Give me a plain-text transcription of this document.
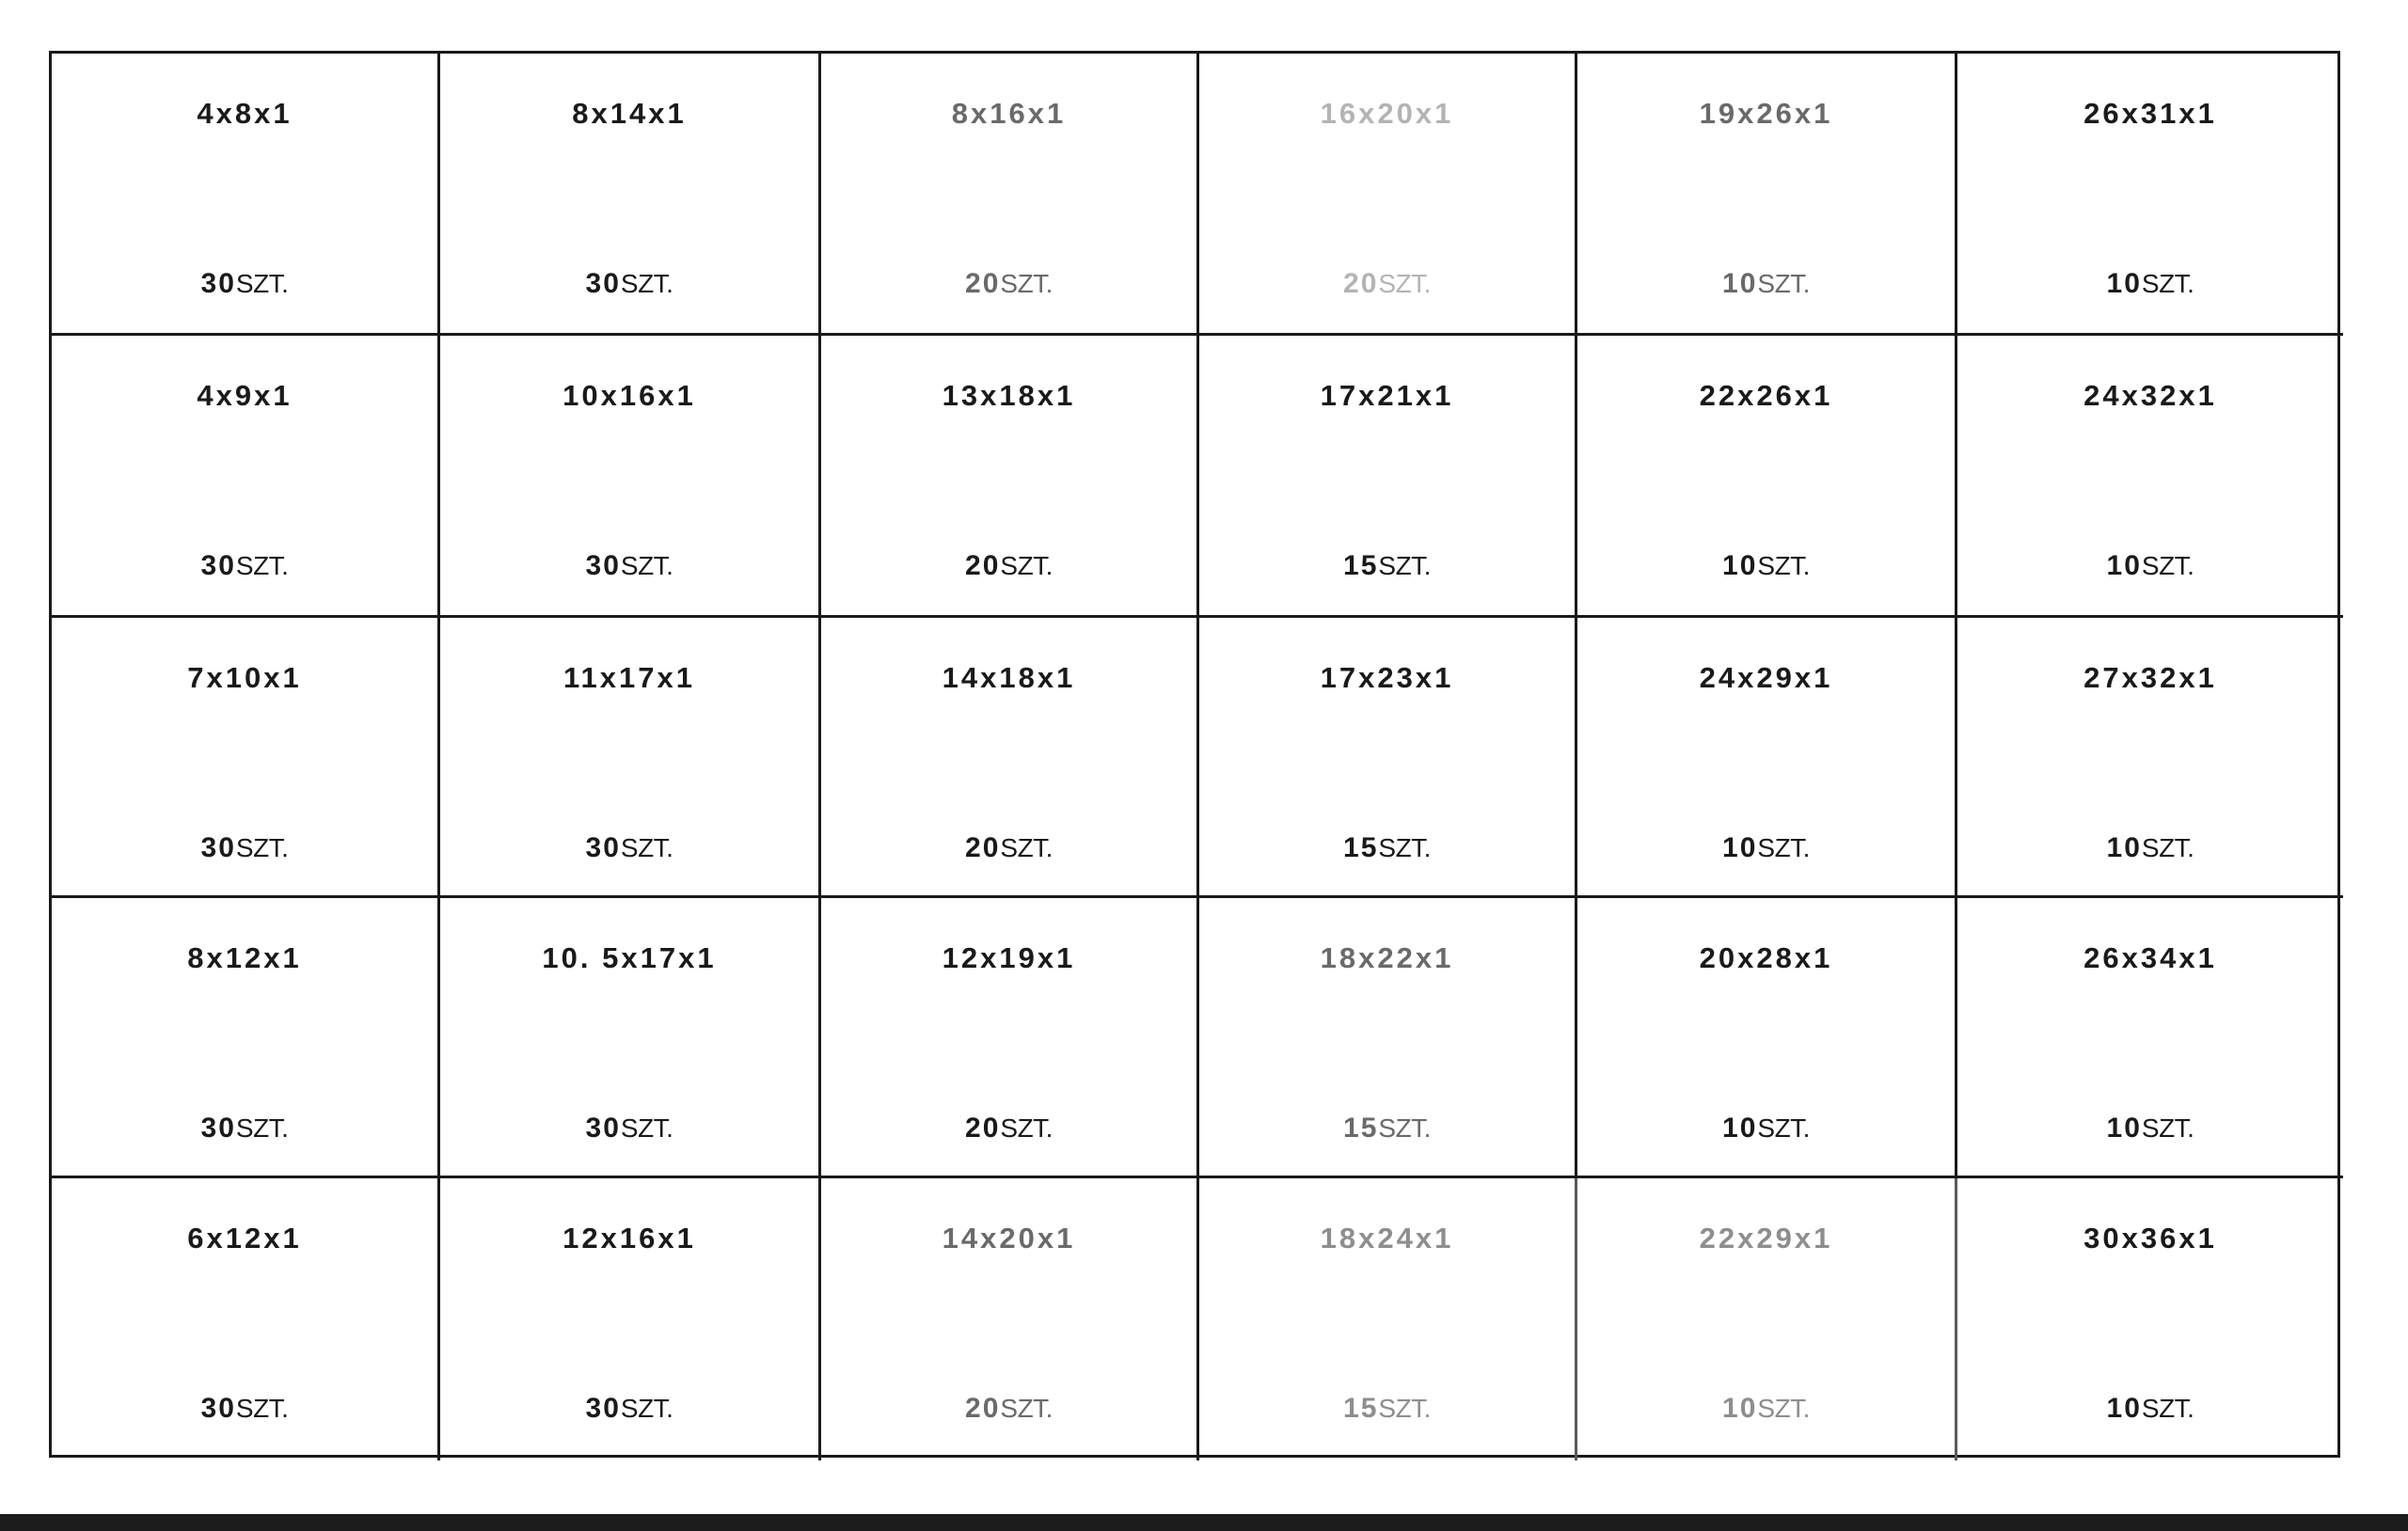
4x8x1
30SZT.
8x14x1
30SZT.
8x16x1
20SZT.
16x20x1
20SZT.
19x26x1
10SZT.
26x31x1
10SZT.
4x9x1
30SZT.
10x16x1
30SZT.
13x18x1
20SZT.
17x21x1
15SZT.
22x26x1
10SZT.
24x32x1
10SZT.
7x10x1
30SZT.
11x17x1
30SZT.
14x18x1
20SZT.
17x23x1
15SZT.
24x29x1
10SZT.
27x32x1
10SZT.
8x12x1
30SZT.
10. 5x17x1
30SZT.
12x19x1
20SZT.
18x22x1
15SZT.
20x28x1
10SZT.
26x34x1
10SZT.
6x12x1
30SZT.
12x16x1
30SZT.
14x20x1
20SZT.
18x24x1
15SZT.
22x29x1
10SZT.
30x36x1
10SZT.
